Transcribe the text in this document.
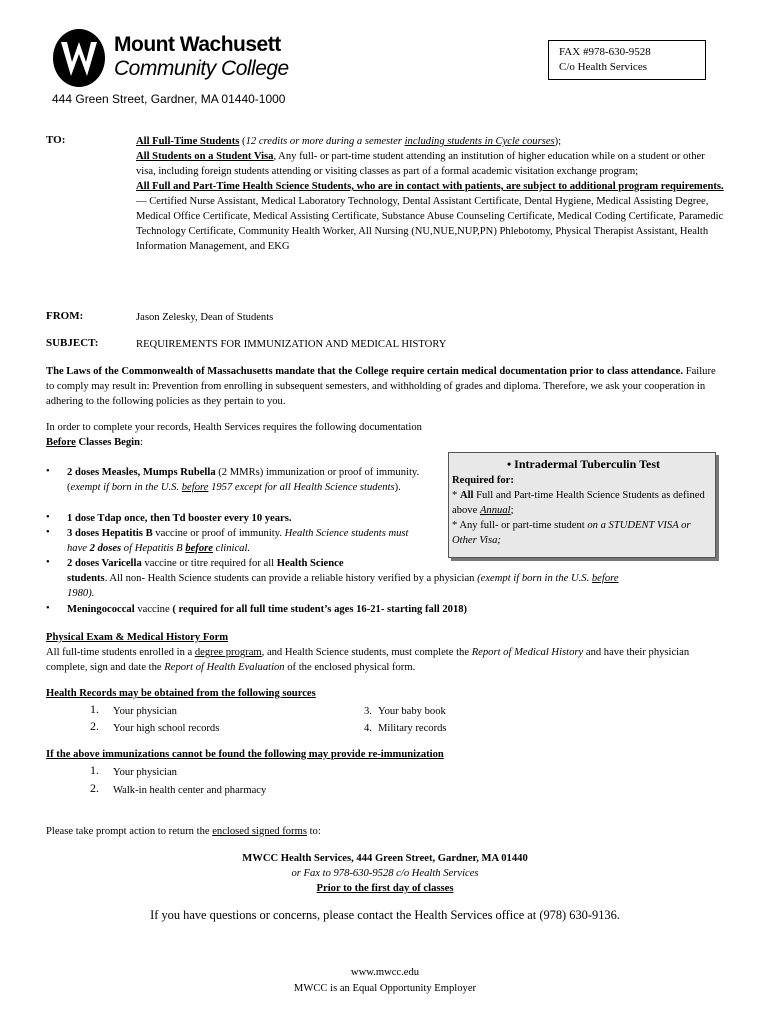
Mount Wachusett
Community College
444 Green Street, Gardner, MA 01440-1000
FAX #978-630-9528
C/o Health Services
TO:	All Full-Time Students (12 credits or more during a semester including students in Cycle courses);
All Students on a Student Visa, Any full- or part-time student attending an institution of higher education while on a student or other visa, including foreign students attending or visiting classes as part of a formal academic visitation exchange program;
All Full and Part-Time Health Science Students, who are in contact with patients, are subject to additional program requirements.— Certified Nurse Assistant, Medical Laboratory Technology, Dental Assistant Certificate, Dental Hygiene, Medical Assisting Degree, Medical Office Certificate, Medical Assisting Certificate, Substance Abuse Counseling Certificate, Medical Coding Certificate, Paramedic Technology Certificate, Community Health Worker, All Nursing (NU,NUE,NUP,PN) Phlebotomy, Physical Therapist Assistant, Health Information Management, and EKG
FROM:	Jason Zelesky, Dean of Students
SUBJECT:	REQUIREMENTS FOR IMMUNIZATION AND MEDICAL HISTORY
The Laws of the Commonwealth of Massachusetts mandate that the College require certain medical documentation prior to class attendance. Failure to comply may result in: Prevention from enrolling in subsequent semesters, and withholding of grades and diploma. Therefore, we ask your cooperation in adhering to the following policies as they pertain to you.
In order to complete your records, Health Services requires the following documentation
Before Classes Begin:
• Intradermal Tuberculin Test
Required for:
* All Full and Part-time Health Science Students as defined above Annual;
* Any full- or part-time student on a STUDENT VISA or Other Visa;
• 2 doses Measles, Mumps Rubella (2 MMRs) immunization or proof of immunity. (exempt if born in the U.S. before 1957 except for all Health Science students).
• 1 dose Tdap once, then Td booster every 10 years.
• 3 doses Hepatitis B vaccine or proof of immunity. Health Science students must have 2 doses of Hepatitis B before clinical.
• 2 doses Varicella vaccine or titre required for all Health Science
students. All non- Health Science students can provide a reliable history verified by a physician (exempt if born in the U.S. before
1980).
• Meningococcal vaccine ( required for all full time student’s ages 16-21- starting fall 2018)
Physical Exam & Medical History Form
All full-time students enrolled in a degree program, and Health Science students, must complete the Report of Medical History and have their physician complete, sign and date the Report of Health Evaluation of the enclosed physical form.
Health Records may be obtained from the following sources
1. Your physician
2. Your high school records
3. Your baby book
4. Military records
If the above immunizations cannot be found the following may provide re-immunization
1. Your physician
2. Walk-in health center and pharmacy
Please take prompt action to return the enclosed signed forms to:
MWCC Health Services, 444 Green Street, Gardner, MA 01440
or Fax to 978-630-9528 c/o Health Services
Prior to the first day of classes
If you have questions or concerns, please contact the Health Services office at (978) 630-9136.
www.mwcc.edu
MWCC is an Equal Opportunity Employer
